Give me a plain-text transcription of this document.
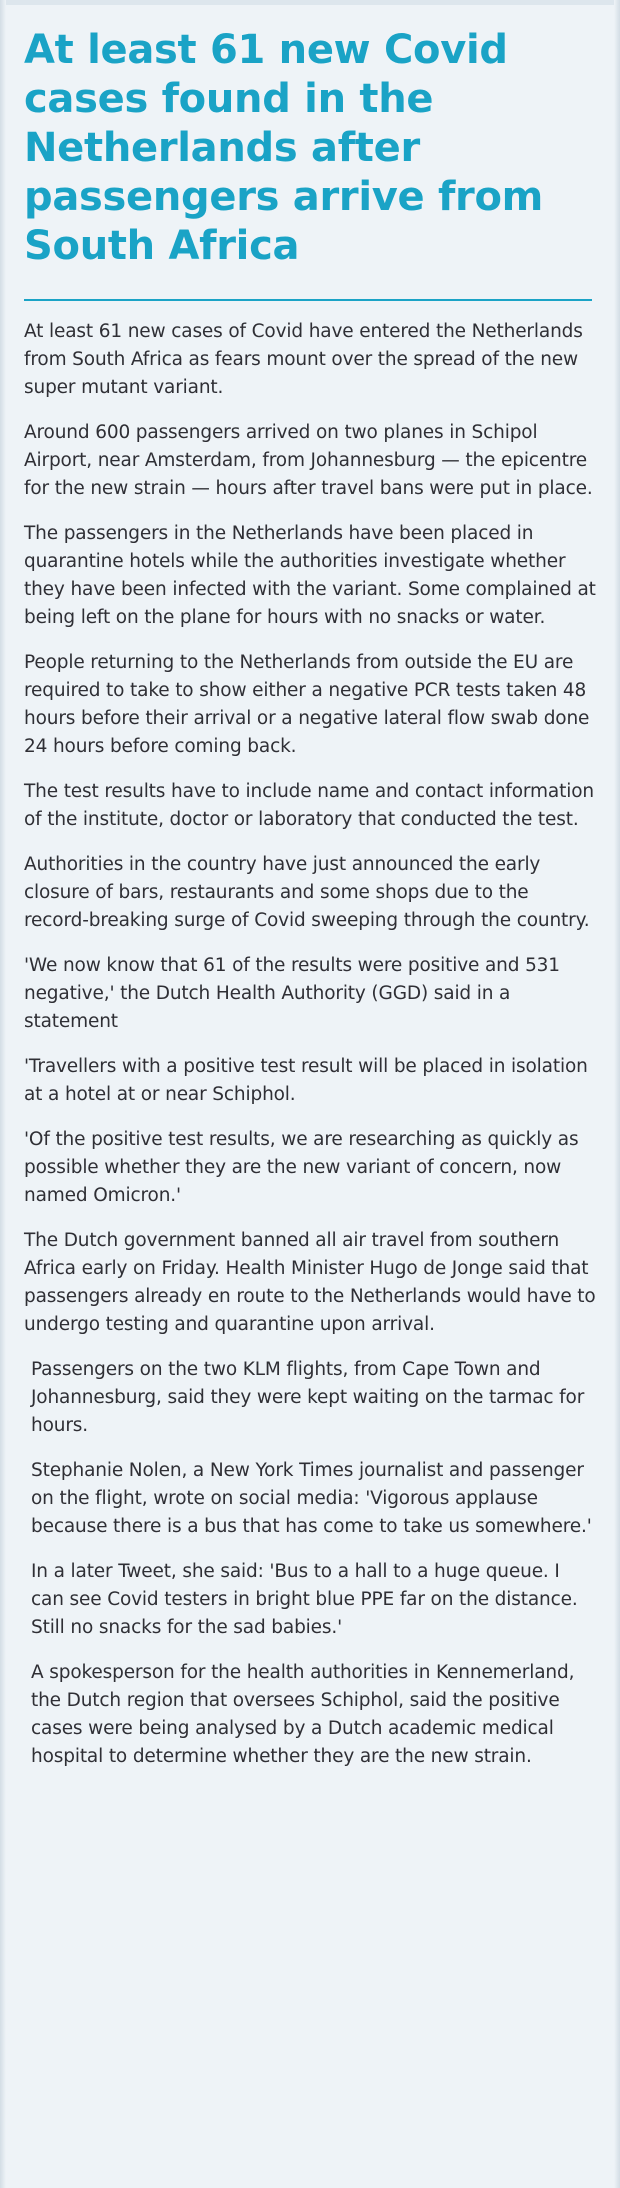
At least 61 new Covid cases found in the Netherlands after passengers arrive from South Africa

At least 61 new cases of Covid have entered the Netherlands from South Africa as fears mount over the spread of the new super mutant variant.

Around 600 passengers arrived on two planes in Schipol Airport, near Amsterdam, from Johannesburg — the epicentre for the new strain — hours after travel bans were put in place.

The passengers in the Netherlands have been placed in quarantine hotels while the authorities investigate whether they have been infected with the variant. Some complained at being left on the plane for hours with no snacks or water.

People returning to the Netherlands from outside the EU are required to take to show either a negative PCR tests taken 48 hours before their arrival or a negative lateral flow swab done 24 hours before coming back.

The test results have to include name and contact information of the institute, doctor or laboratory that conducted the test.

Authorities in the country have just announced the early closure of bars, restaurants and some shops due to the record-breaking surge of Covid sweeping through the country.

'We now know that 61 of the results were positive and 531 negative,' the Dutch Health Authority (GGD) said in a statement

'Travellers with a positive test result will be placed in isolation at a hotel at or near Schiphol.

'Of the positive test results, we are researching as quickly as possible whether they are the new variant of concern, now named Omicron.'

The Dutch government banned all air travel from southern Africa early on Friday. Health Minister Hugo de Jonge said that passengers already en route to the Netherlands would have to undergo testing and quarantine upon arrival.

Passengers on the two KLM flights, from Cape Town and Johannesburg, said they were kept waiting on the tarmac for hours.

Stephanie Nolen, a New York Times journalist and passenger on the flight, wrote on social media: 'Vigorous applause because there is a bus that has come to take us somewhere.'

In a later Tweet, she said: 'Bus to a hall to a huge queue. I can see Covid testers in bright blue PPE far on the distance. Still no snacks for the sad babies.'

A spokesperson for the health authorities in Kennemerland, the Dutch region that oversees Schiphol, said the positive cases were being analysed by a Dutch academic medical hospital to determine whether they are the new strain.
